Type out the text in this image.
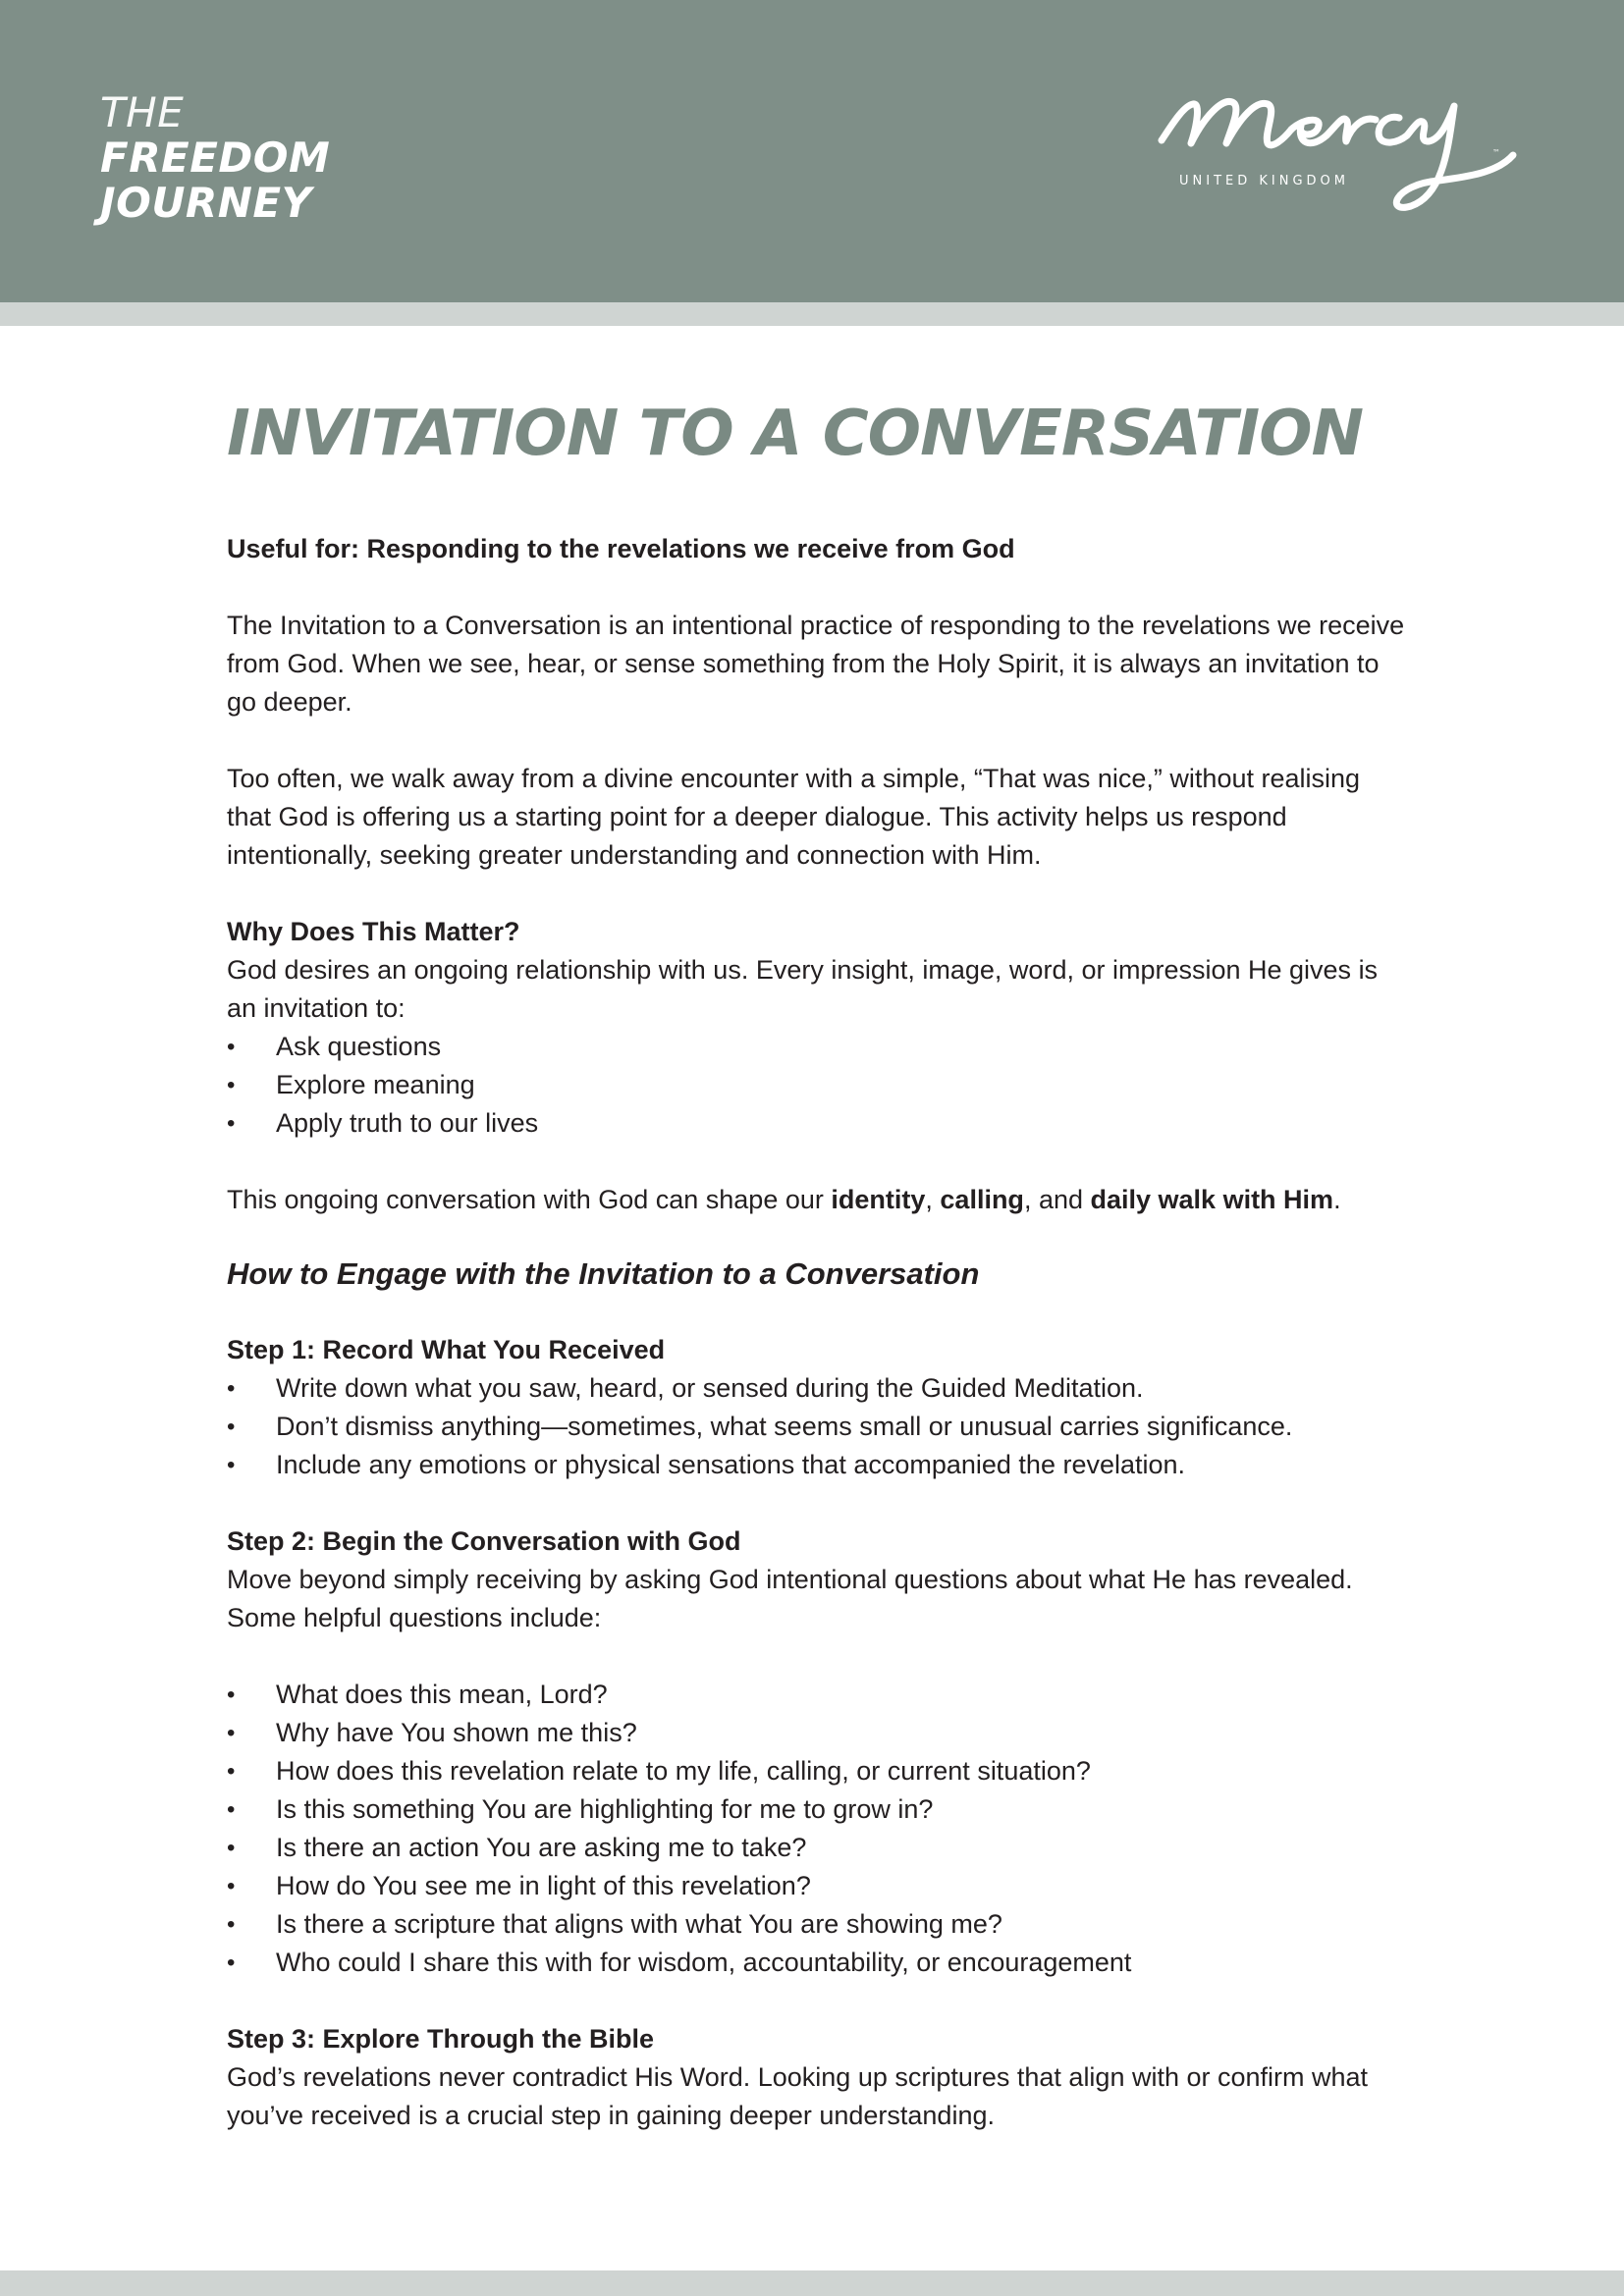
THE
FREEDOM
JOURNEY	UNITED KINGDOM
™
INVITATION TO A CONVERSATION

Useful for: Responding to the revelations we receive from God

The Invitation to a Conversation is an intentional practice of responding to the revelations we receive from God. When we see, hear, or sense something from the Holy Spirit, it is always an invitation to go deeper.

Too often, we walk away from a divine encounter with a simple, “That was nice,” without realising that God is offering us a starting point for a deeper dialogue. This activity helps us respond intentionally, seeking greater understanding and connection with Him.

Why Does This Matter?

God desires an ongoing relationship with us. Every insight, image, word, or impression He gives is an invitation to:

• Ask questions
• Explore meaning
• Apply truth to our lives

This ongoing conversation with God can shape our identity, calling, and daily walk with Him.

How to Engage with the Invitation to a Conversation

Step 1: Record What You Received

• Write down what you saw, heard, or sensed during the Guided Meditation.
• Don’t dismiss anything—sometimes, what seems small or unusual carries significance.
• Include any emotions or physical sensations that accompanied the revelation.

Step 2: Begin the Conversation with God

Move beyond simply receiving by asking God intentional questions about what He has revealed. Some helpful questions include:

• What does this mean, Lord?
• Why have You shown me this?
• How does this revelation relate to my life, calling, or current situation?
• Is this something You are highlighting for me to grow in?
• Is there an action You are asking me to take?
• How do You see me in light of this revelation?
• Is there a scripture that aligns with what You are showing me?
• Who could I share this with for wisdom, accountability, or encouragement

Step 3: Explore Through the Bible

God’s revelations never contradict His Word. Looking up scriptures that align with or confirm what you’ve received is a crucial step in gaining deeper understanding.
